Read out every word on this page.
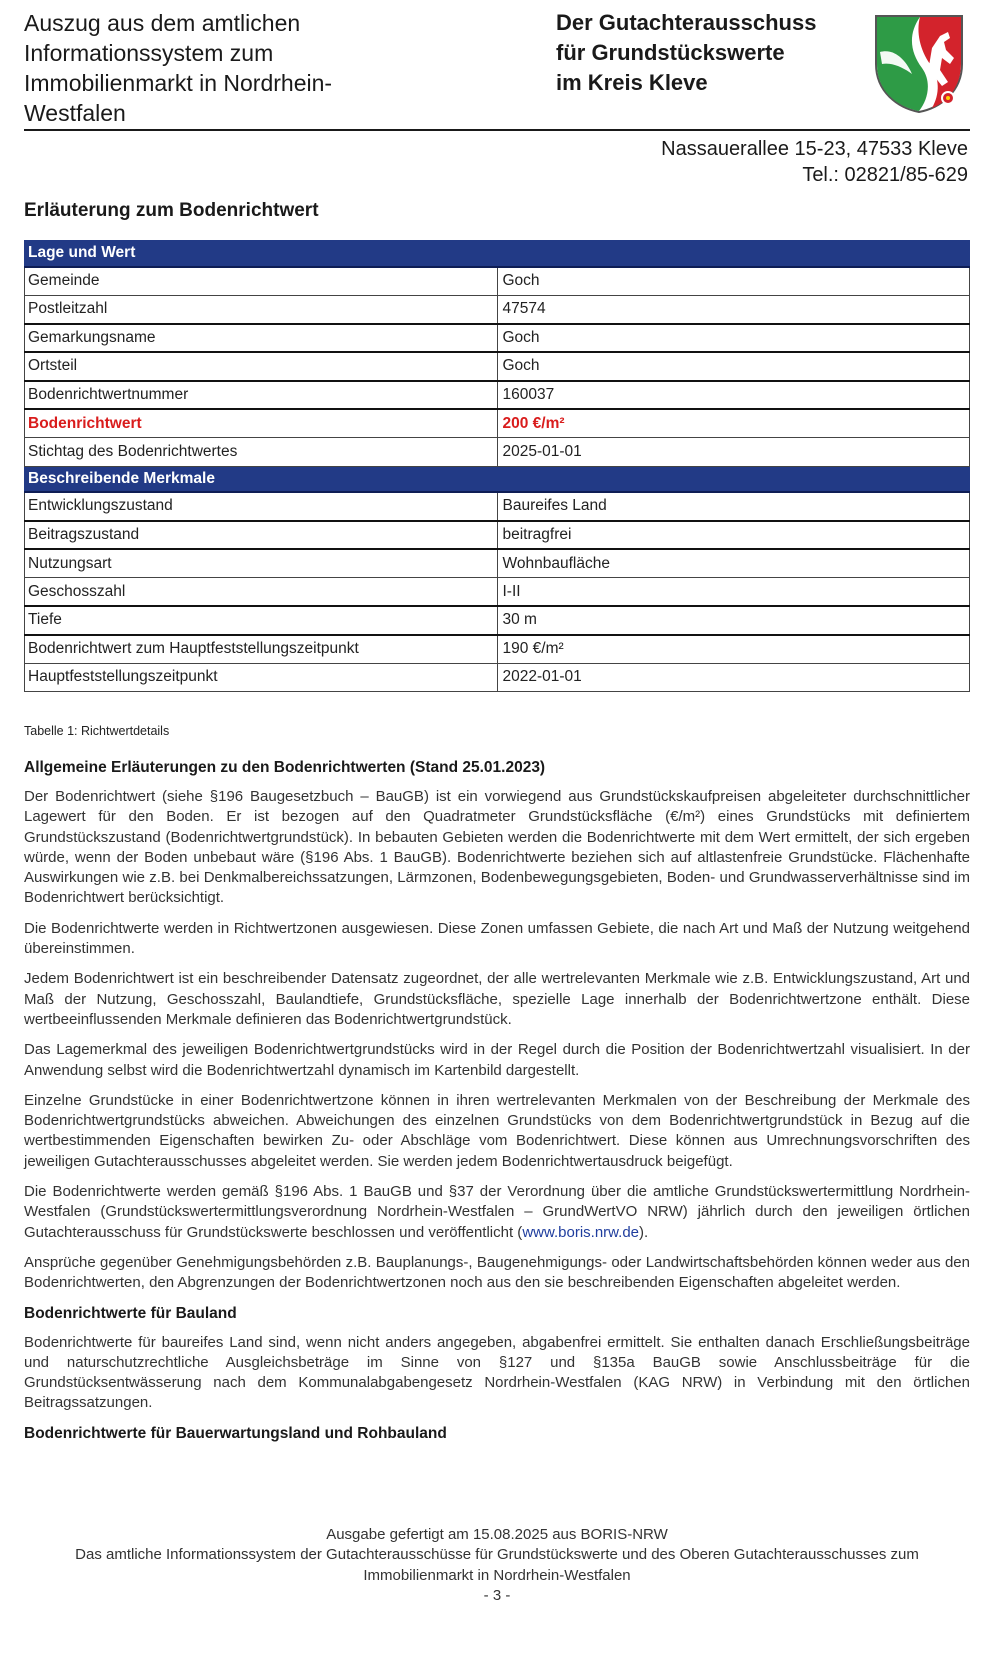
Auszug aus dem amtlichen Informationssystem zum Immobilienmarkt in Nordrhein-Westfalen
Der Gutachterausschuss
für Grundstückswerte
im Kreis Kleve
Nassauerallee 15-23, 47533 Kleve
Tel.: 02821/85-629
Erläuterung zum Bodenrichtwert
Lage und Wert	
Gemeinde	Goch
Postleitzahl	47574
Gemarkungsname	Goch
Ortsteil	Goch
Bodenrichtwertnummer	160037
Bodenrichtwert	200 €/m²
Stichtag des Bodenrichtwertes	2025-01-01
Beschreibende Merkmale	
Entwicklungszustand	Baureifes Land
Beitragszustand	beitragfrei
Nutzungsart	Wohnbaufläche
Geschosszahl	I-II
Tiefe	30 m
Bodenrichtwert zum Hauptfeststellungszeitpunkt	190 €/m²
Hauptfeststellungszeitpunkt	2022-01-01
Tabelle 1: Richtwertdetails
Allgemeine Erläuterungen zu den Bodenrichtwerten (Stand 25.01.2023)

Der Bodenrichtwert (siehe §196 Baugesetzbuch – BauGB) ist ein vorwiegend aus Grundstückskaufpreisen abgeleiteter durchschnittlicher Lagewert für den Boden. Er ist bezogen auf den Quadratmeter Grundstücksfläche (€/m²) eines Grundstücks mit definiertem Grundstückszustand (Bodenrichtwertgrundstück). In bebauten Gebieten werden die Bodenrichtwerte mit dem Wert ermittelt, der sich ergeben würde, wenn der Boden unbebaut wäre (§196 Abs. 1 BauGB). Bodenrichtwerte beziehen sich auf altlastenfreie Grundstücke. Flächenhafte Auswirkungen wie z.B. bei Denkmalbereichssatzungen, Lärmzonen, Bodenbewegungsgebieten, Boden- und Grundwasserverhältnisse sind im Bodenrichtwert berücksichtigt.

Die Bodenrichtwerte werden in Richtwertzonen ausgewiesen. Diese Zonen umfassen Gebiete, die nach Art und Maß der Nutzung weitgehend übereinstimmen.

Jedem Bodenrichtwert ist ein beschreibender Datensatz zugeordnet, der alle wertrelevanten Merkmale wie z.B. Entwicklungszustand, Art und Maß der Nutzung, Geschosszahl, Baulandtiefe, Grundstücksfläche, spezielle Lage innerhalb der Bodenrichtwertzone enthält. Diese wertbeeinflussenden Merkmale definieren das Bodenrichtwertgrundstück.

Das Lagemerkmal des jeweiligen Bodenrichtwertgrundstücks wird in der Regel durch die Position der Bodenrichtwertzahl visualisiert. In der Anwendung selbst wird die Bodenrichtwertzahl dynamisch im Kartenbild dargestellt.

Einzelne Grundstücke in einer Bodenrichtwertzone können in ihren wertrelevanten Merkmalen von der Beschreibung der Merkmale des Bodenrichtwertgrundstücks abweichen. Abweichungen des einzelnen Grundstücks von dem Bodenrichtwertgrundstück in Bezug auf die wertbestimmenden Eigenschaften bewirken Zu- oder Abschläge vom Bodenrichtwert. Diese können aus Umrechnungsvorschriften des jeweiligen Gutachterausschusses abgeleitet werden. Sie werden jedem Bodenrichtwertausdruck beigefügt.

Die Bodenrichtwerte werden gemäß §196 Abs. 1 BauGB und §37 der Verordnung über die amtliche Grundstückswertermittlung Nordrhein-Westfalen (Grundstückswertermittlungsverordnung Nordrhein-Westfalen – GrundWertVO NRW) jährlich durch den jeweiligen örtlichen Gutachterausschuss für Grundstückswerte beschlossen und veröffentlicht (www.boris.nrw.de).

Ansprüche gegenüber Genehmigungsbehörden z.B. Bauplanungs-, Baugenehmigungs- oder Landwirtschaftsbehörden können weder aus den Bodenrichtwerten, den Abgrenzungen der Bodenrichtwertzonen noch aus den sie beschreibenden Eigenschaften abgeleitet werden.

Bodenrichtwerte für Bauland

Bodenrichtwerte für baureifes Land sind, wenn nicht anders angegeben, abgabenfrei ermittelt. Sie enthalten danach Erschließungsbeiträge und naturschutzrechtliche Ausgleichsbeträge im Sinne von §127 und §135a BauGB sowie Anschlussbeiträge für die Grundstücksentwässerung nach dem Kommunalabgabengesetz Nordrhein-Westfalen (KAG NRW) in Verbindung mit den örtlichen Beitragssatzungen.

Bodenrichtwerte für Bauerwartungsland und Rohbauland
Ausgabe gefertigt am 15.08.2025 aus BORIS-NRW
Das amtliche Informationssystem der Gutachterausschüsse für Grundstückswerte und des Oberen Gutachterausschusses zum Immobilienmarkt in Nordrhein-Westfalen
- 3 -
